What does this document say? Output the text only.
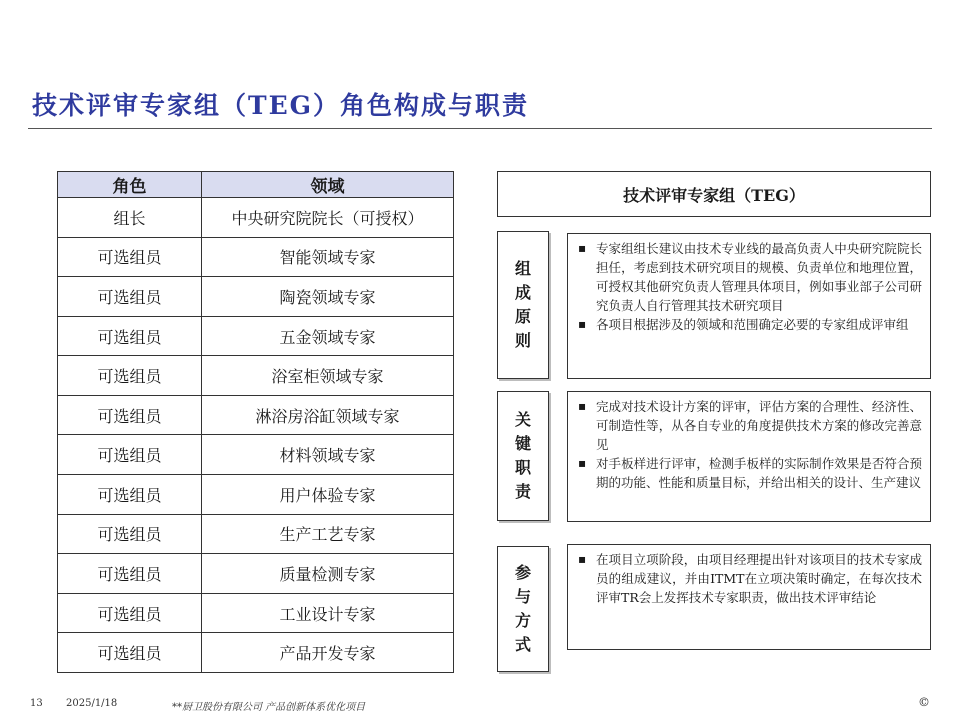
技术评审专家组（TEG）角色构成与职责
角色	领域
组长	中央研究院院长（可授权）
可选组员	智能领域专家
可选组员	陶瓷领域专家
可选组员	五金领域专家
可选组员	浴室柜领域专家
可选组员	淋浴房浴缸领域专家
可选组员	材料领域专家
可选组员	用户体验专家
可选组员	生产工艺专家
可选组员	质量检测专家
可选组员	工业设计专家
可选组员	产品开发专家
技术评审专家组（TEG）
组
成
原
则
▪ 专家组组长建议由技术专业线的最高负责人中央研究院院长担任，考虑到技术研究项目的规模、负责单位和地理位置，可授权其他研究负责人管理具体项目，例如事业部子公司研究负责人自行管理其技术研究项目
▪ 各项目根据涉及的领域和范围确定必要的专家组成评审组
关
键
职
责
▪ 完成对技术设计方案的评审，评估方案的合理性、经济性、可制造性等，从各自专业的角度提供技术方案的修改完善意见
▪ 对手板样进行评审，检测手板样的实际制作效果是否符合预期的功能、性能和质量目标，并给出相关的设计、生产建议
参
与
方
式
▪ 在项目立项阶段，由项目经理提出针对该项目的技术专家成员的组成建议，并由ITMT在立项决策时确定，在每次技术评审TR会上发挥技术专家职责，做出技术评审结论
13 2025/1/18	**厨卫股份有限公司 产品创新体系优化项目	©
